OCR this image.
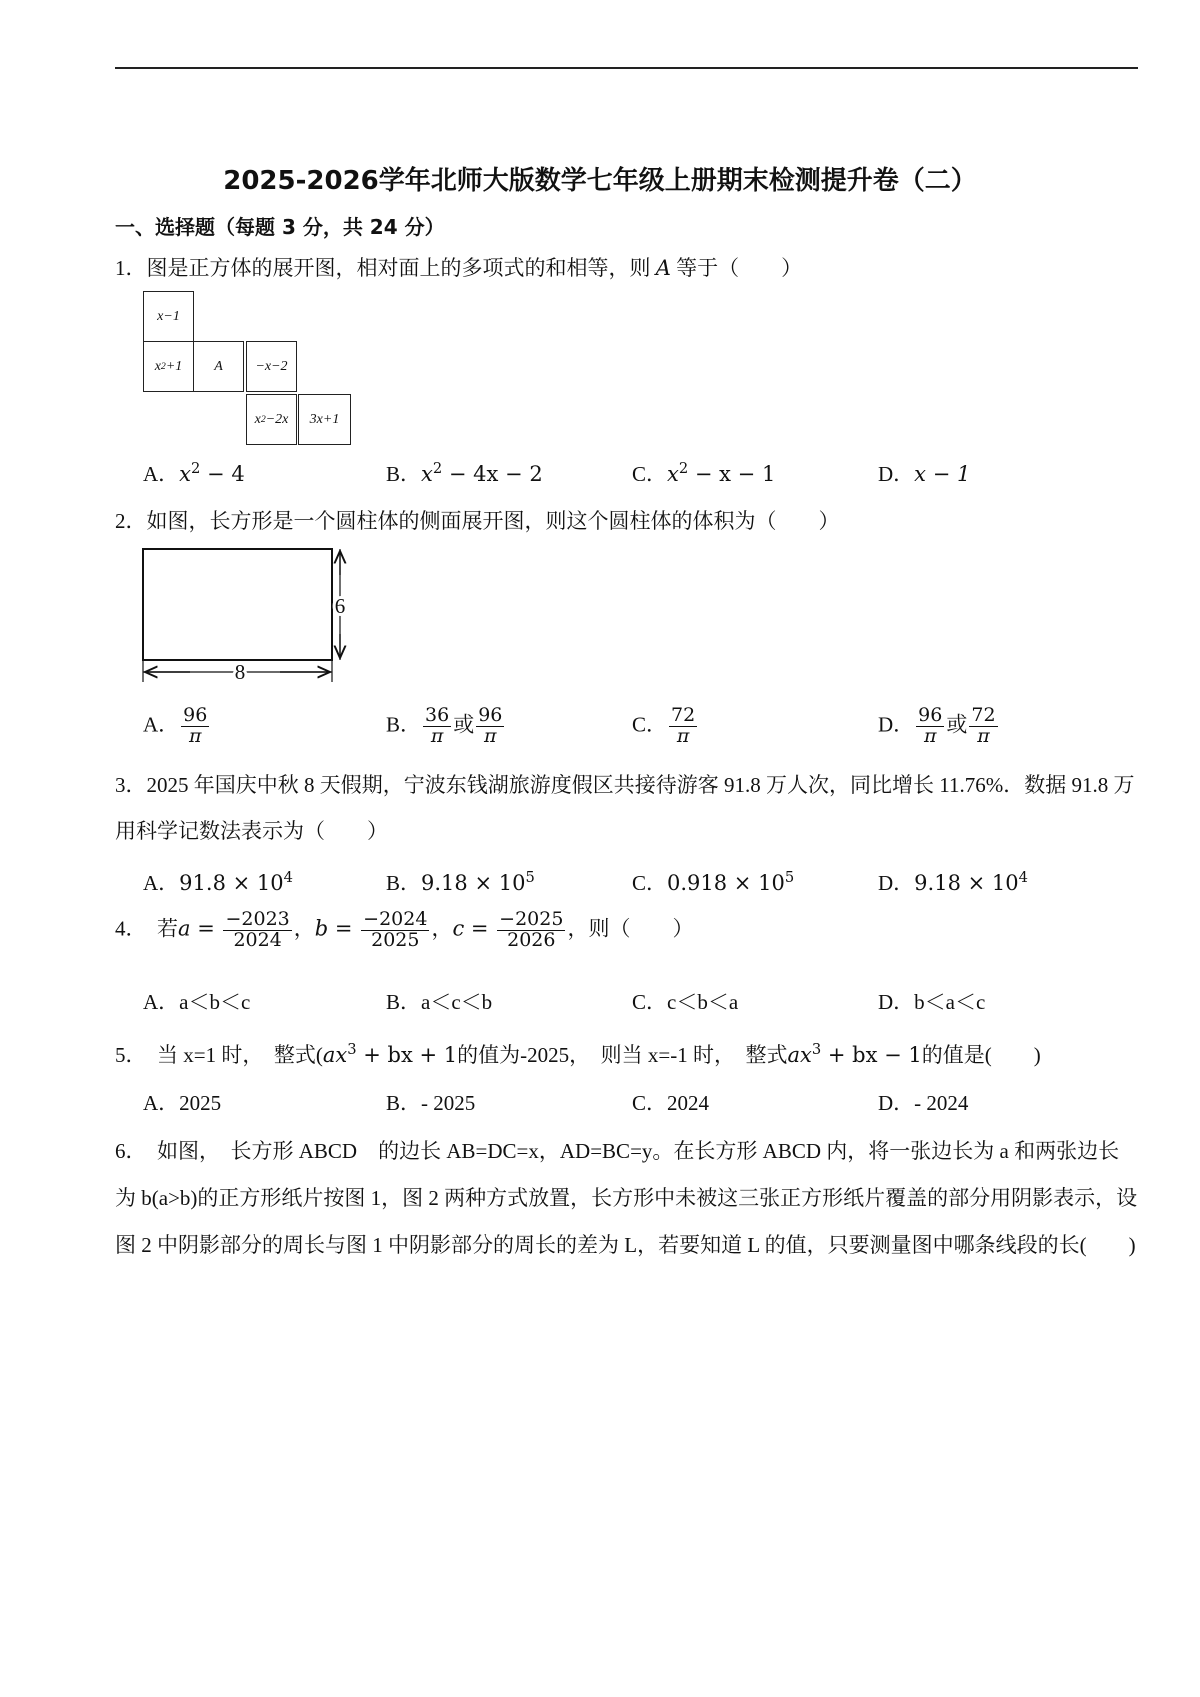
2025-2026学年北师大版数学七年级上册期末检测提升卷（二）
一、选择题（每题 3 分，共 24 分）
1．图是正方体的展开图，相对面上的多项式的和相等，则 A 等于（　　）
x−1
x 2 +1	A	−x−2
x 2 −2x	3x+1
A．$x^2 - 4$	B．$x^2 - 4x - 2$	C．$x^2 - x - 1$	D．x − 1
2．如图，长方形是一个圆柱体的侧面展开图，则这个圆柱体的体积为（　　）
6
8
A． $\frac{96}{\pi}$	B． $\frac{36}{\pi}$ 或 $\frac{96}{\pi}$	C． $\frac{72}{\pi}$	D． $\frac{96}{\pi}$ 或 $\frac{72}{\pi}$
3．2025 年国庆中秋 8 天假期，宁波东钱湖旅游度假区共接待游客 91.8 万人次，同比增长 11.76%．数据 91.8 万用科学记数法表示为（　　）
A．$91.8 \times 10^4$	B．$9.18 \times 10^5$	C．$0.918 \times 10^5$	D．$9.18 \times 10^4$
4．　若$a = \frac{-2023}{2024}$ ，$b = \frac{-2024}{2025}$ ，$c = \frac{-2025}{2026}$ ，则（　　）
A．a＜b＜c	B．a＜c＜b	C．c＜b＜a	D．b＜a＜c
5．　当 x=1 时，　整式($ax^3$ + bx + 1的值为-2025，　则当 x=-1 时，　整式$ax^3$ + bx − 1的值是(　　)
A．2025	B．- 2025	C．2024	D．- 2024
6．　如图，　长方形 ABCD　的边长 AB=DC=x，AD=BC=y。在长方形 ABCD 内，将一张边长为 a 和两张边长为 b(a>b)的正方形纸片按图 1，图 2 两种方式放置，长方形中未被这三张正方形纸片覆盖的部分用阴影表示，设图 2 中阴影部分的周长与图 1 中阴影部分的周长的差为 L，若要知道 L 的值，只要测量图中哪条线段的长(　　)
